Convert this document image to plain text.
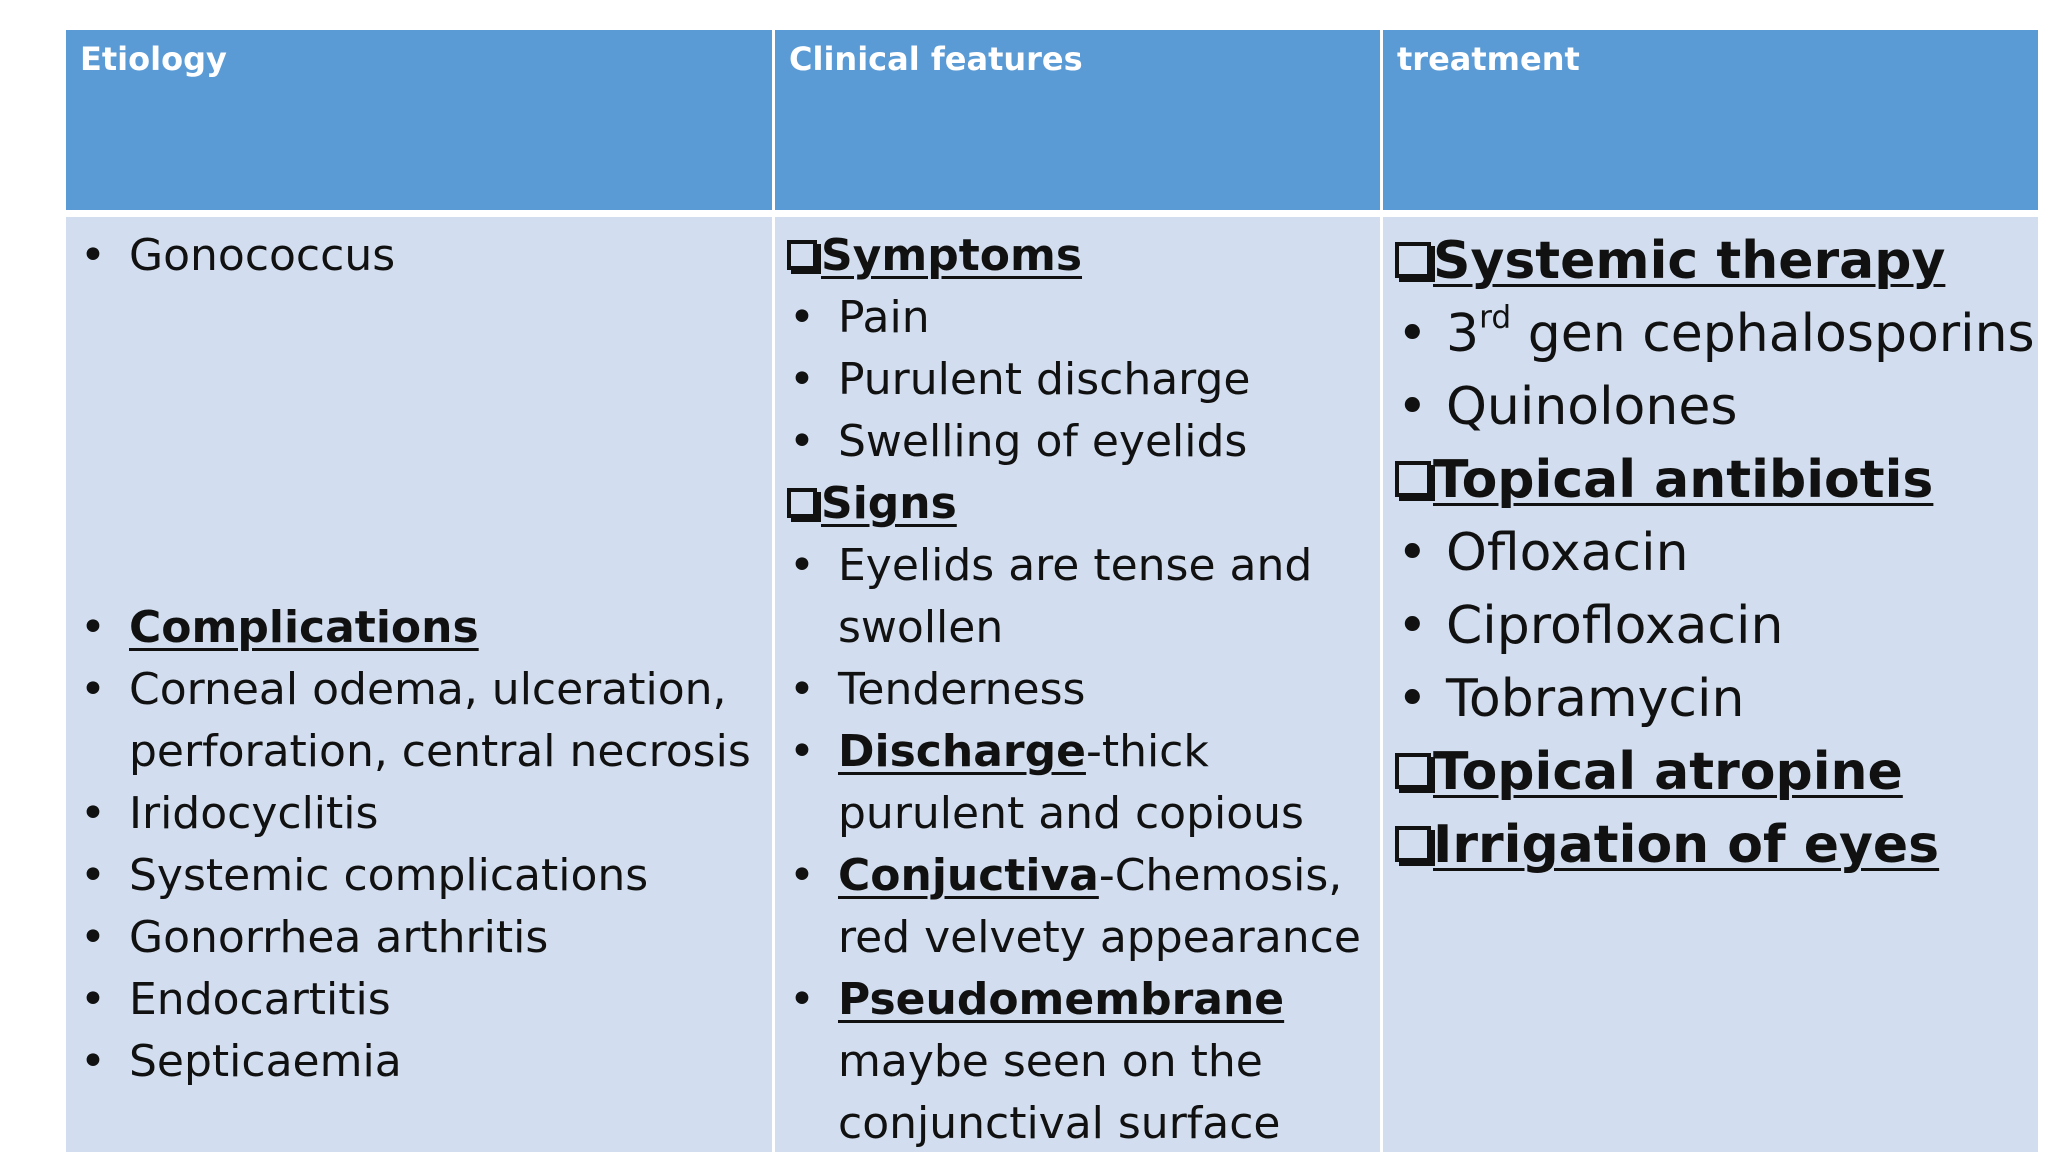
Etiology	Clinical features	treatment
• Gonococcus
• Complications
• Corneal odema, ulceration, perforation, central necrosis
• Iridocyclitis
• Systemic complications
• Gonorrhea arthritis
• Endocartitis
• Septicaemia
Symptoms
• Pain
• Purulent discharge
• Swelling of eyelids
Signs
• Eyelids are tense and swollen
• Tenderness
• Discharge-thick purulent and copious
• Conjuctiva-Chemosis, red velvety appearance
• Pseudomembrane maybe seen on the conjunctival surface
Systemic therapy
• 3rd gen cephalosporins
• Quinolones
Topical antibiotis
• Ofloxacin
• Ciprofloxacin
• Tobramycin
Topical atropine
Irrigation of eyes
